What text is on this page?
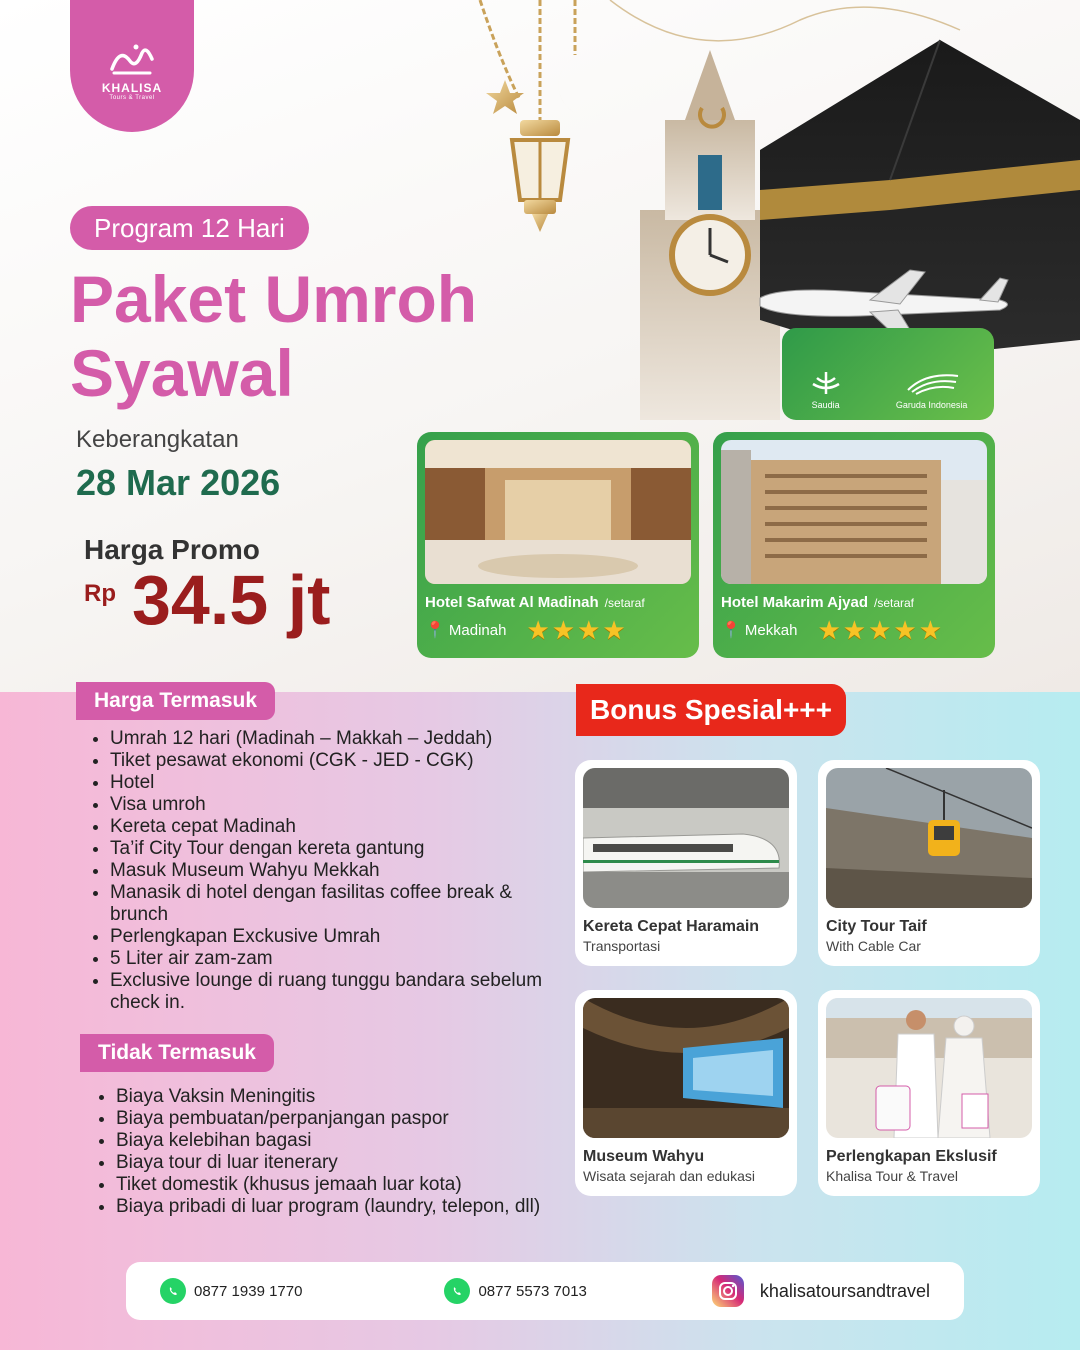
KHALISA
Tours & Travel
Program 12 Hari
Paket Umroh
Syawal
Keberangkatan
28 Mar 2026
Harga Promo
Rp 34.5 jt
Saudia	Garuda Indonesia
Hotel Safwat Al Madinah /setaraf
📍 Madinah ★★★★
Hotel Makarim Ajyad /setaraf
📍 Mekkah ★★★★★
Harga Termasuk
• Umrah 12 hari (Madinah – Makkah – Jeddah)
• Tiket pesawat ekonomi (CGK - JED - CGK)
• Hotel
• Visa umroh
• Kereta cepat Madinah
• Ta’if City Tour dengan kereta gantung
• Masuk Museum Wahyu Mekkah
• Manasik di hotel dengan fasilitas coffee break & brunch
• Perlengkapan Exckusive Umrah
• 5 Liter air zam-zam
• Exclusive lounge di ruang tunggu bandara sebelum check in.
Tidak Termasuk
• Biaya Vaksin Meningitis
• Biaya pembuatan/perpanjangan paspor
• Biaya kelebihan bagasi
• Biaya tour di luar itenerary
• Tiket domestik (khusus jemaah luar kota)
• Biaya pribadi di luar program (laundry, telepon, dll)
Bonus Spesial+++
Kereta Cepat Haramain
Transportasi
City Tour Taif
With Cable Car
Museum Wahyu
Wisata sejarah dan edukasi
Perlengkapan Ekslusif
Khalisa Tour & Travel
0877 1939 1770	0877 5573 7013	khalisatoursandtravel
